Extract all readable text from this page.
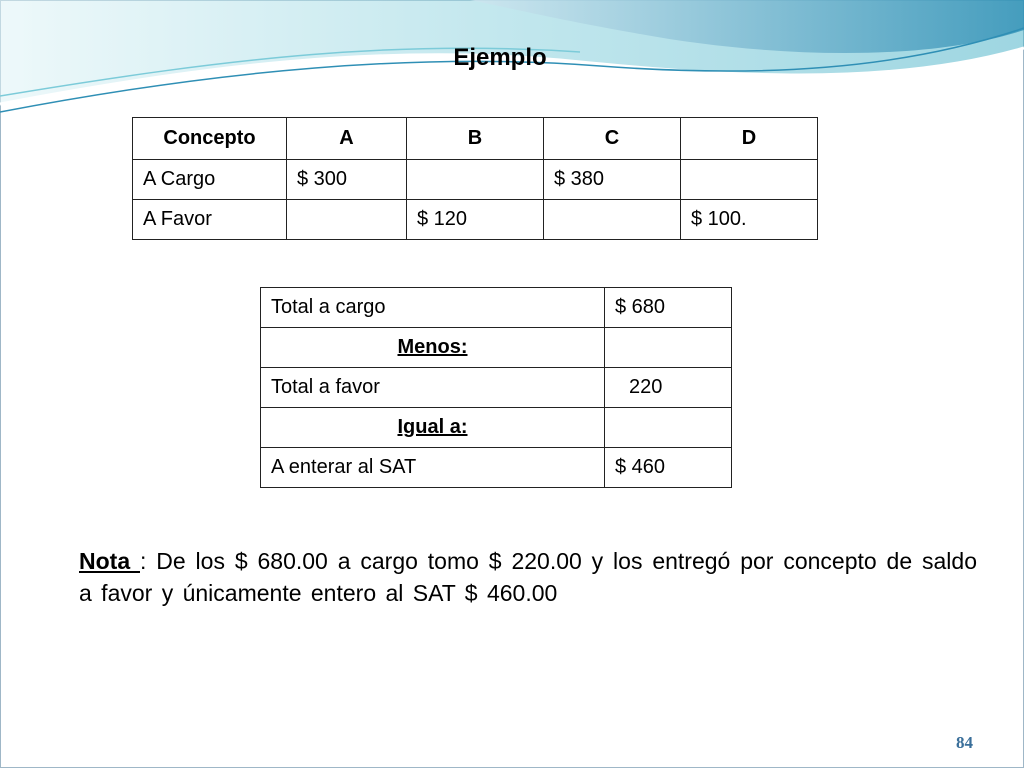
Ejemplo
Concepto	A	B	C	D
A Cargo	$ 300		$ 380	
A Favor		$ 120		$ 100.
Total a cargo	$ 680
Menos:	
Total a favor	220
Igual a:	
A enterar al SAT	$ 460
Nota : De los $ 680.00 a cargo tomo $ 220.00 y los entregó por concepto de saldo a favor y únicamente entero al SAT $ 460.00
84
